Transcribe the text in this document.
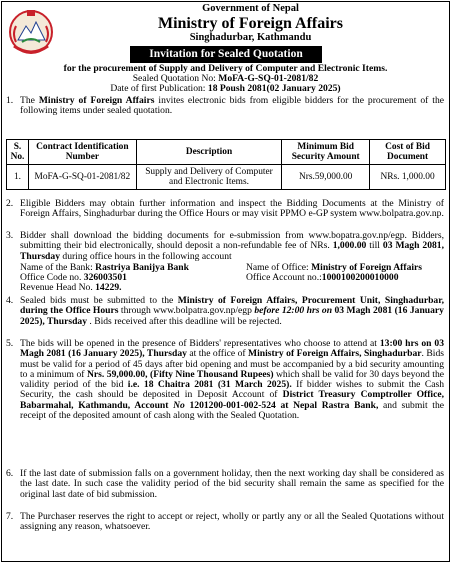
Government of Nepal
Ministry of Foreign Affairs
Singhadurbar, Kathmandu
Invitation for Sealed Quotation
for the procurement of Supply and Delivery of Computer and Electronic Items.
Sealed Quotation No: MoFA-G-SQ-01-2081/82
Date of first Publication: 18 Poush 2081(02 January 2025)
1. The Ministry of Foreign Affairs invites electronic bids from eligible bidders for the procurement of the following items under sealed quotation.
S. No.	Contract Identification Number	Description	Minimum Bid Security Amount	Cost of Bid Document
1.	MoFA-G-SQ-01-2081/82	Supply and Delivery of Computer and Electronic Items.	Nrs.59,000.00	NRs. 1,000.00
2. Eligible Bidders may obtain further information and inspect the Bidding Documents at the Ministry of Foreign Affairs, Singhadurbar during the Office Hours or may visit PPMO e-GP system www.bolpatra.gov.np.
3. Bidder shall download the bidding documents for e-submission from www.bopatra.gov.np/egp. Bidders, submitting their bid electronically, should deposit a non-refundable fee of NRs. 1,000.00 till 03 Magh 2081, Thursday during office hours in the following account
Name of the Bank: Rastriya Banijya Bank	Name of Office: Ministry of Foreign Affairs
Office Code no. 326003501	Office Account no.:1000100200010000
Revenue Head No. 14229.
4. Sealed bids must be submitted to the Ministry of Foreign Affairs, Procurement Unit, Singhadurbar, during the Office Hours through www.bolpatra.gov.np/egp before 12:00 hrs on 03 Magh 2081 (16 January 2025), Thursday . Bids received after this deadline will be rejected.
5. The bids will be opened in the presence of Bidders' representatives who choose to attend at 13:00 hrs on 03 Magh 2081 (16 January 2025), Thursday at the office of Ministry of Foreign Affairs, Singhadurbar. Bids must be valid for a period of 45 days after bid opening and must be accompanied by a bid security amounting to a minimum of Nrs. 59,000.00, (Fifty Nine Thousand Rupees) which shall be valid for 30 days beyond the validity period of the bid i.e. 18 Chaitra 2081 (31 March 2025). If bidder wishes to submit the Cash Security, the cash should be deposited in Deposit Account of District Treasury Comptroller Office, Babarmahal, Kathmandu, Account No 1201200-001-002-524 at Nepal Rastra Bank, and submit the receipt of the deposited amount of cash along with the Sealed Quotation.
6. If the last date of submission falls on a government holiday, then the next working day shall be considered as the last date. In such case the validity period of the bid security shall remain the same as specified for the original last date of bid submission.
7. The Purchaser reserves the right to accept or reject, wholly or partly any or all the Sealed Quotations without assigning any reason, whatsoever.
